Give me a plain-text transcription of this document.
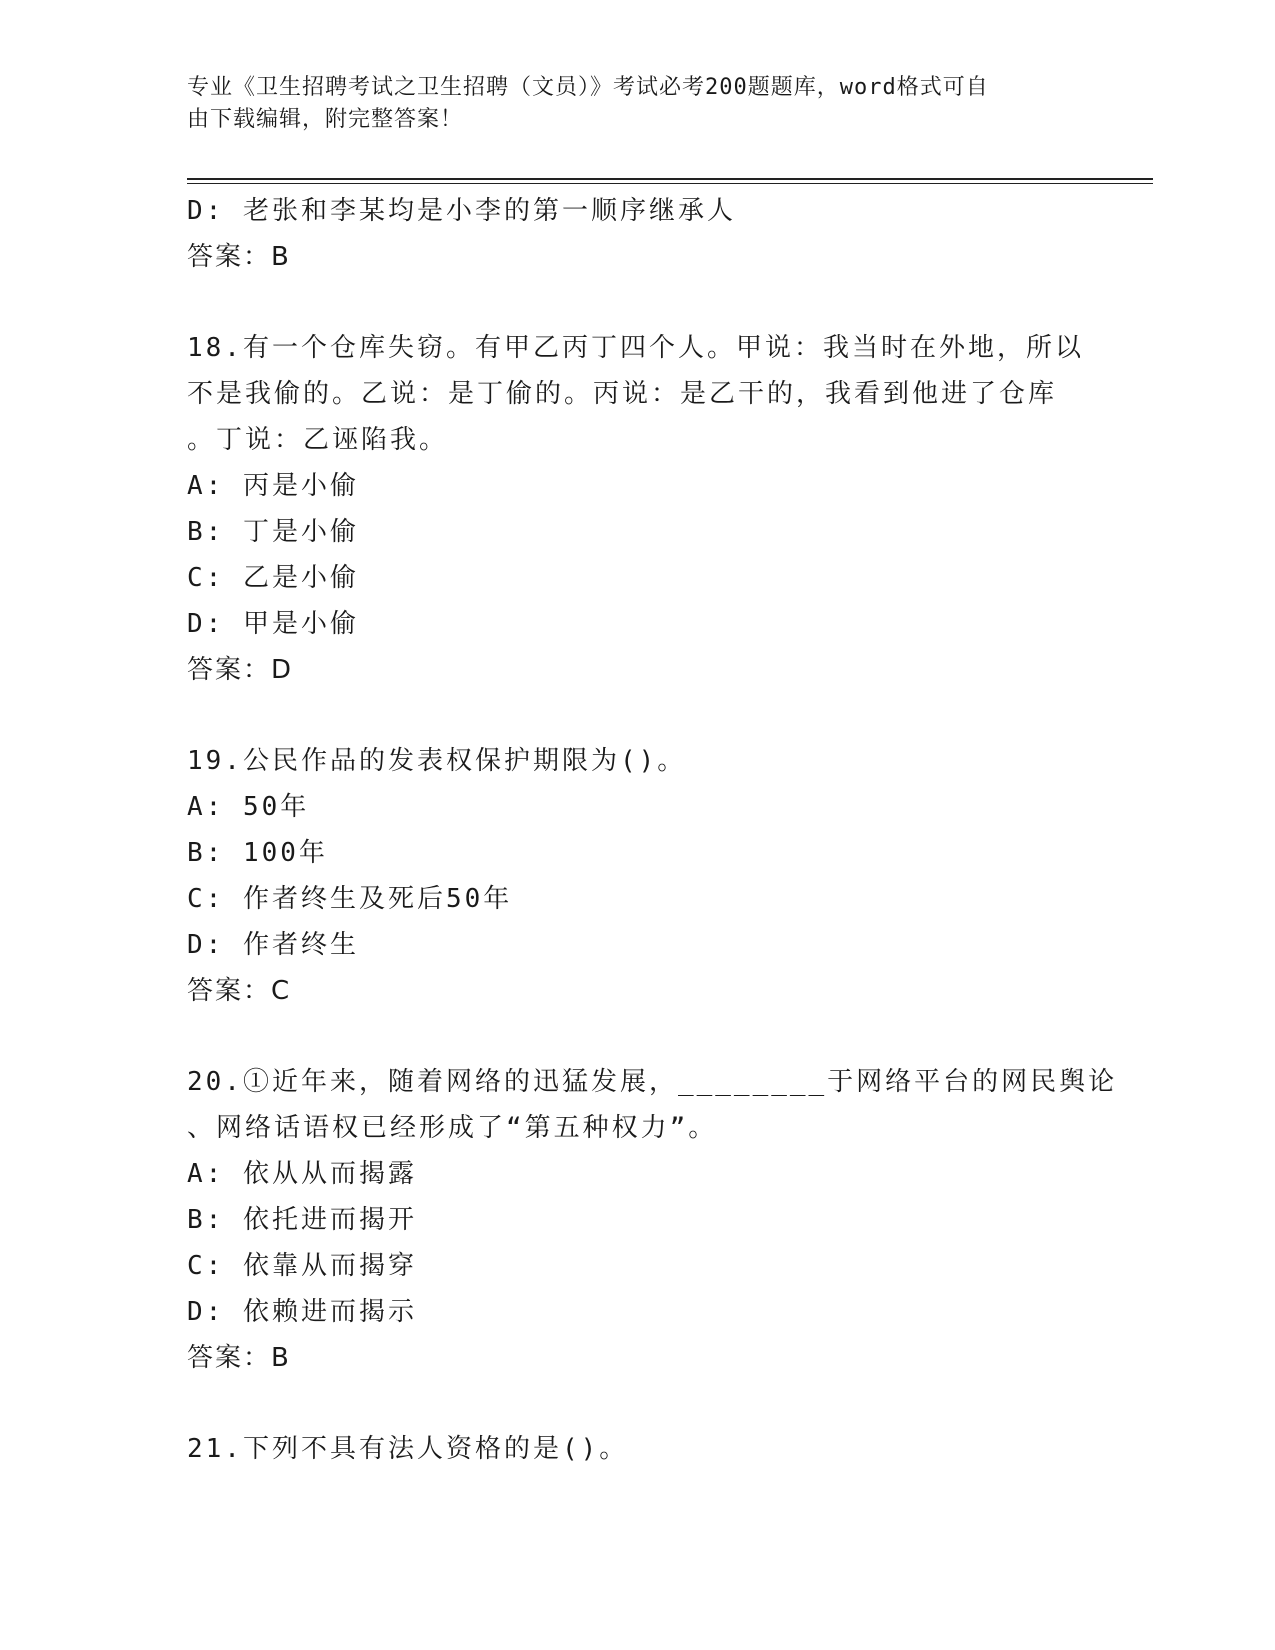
专业《卫生招聘考试之卫生招聘（文员）》考试必考200题题库，word格式可自
由下载编辑，附完整答案！
D: 老张和李某均是小李的第一顺序继承人
答案：B
18.有一个仓库失窃。有甲乙丙丁四个人。甲说：我当时在外地，所以
不是我偷的。乙说：是丁偷的。丙说：是乙干的，我看到他进了仓库
。丁说：乙诬陷我。
A: 丙是小偷
B: 丁是小偷
C: 乙是小偷
D: 甲是小偷
答案：D
19.公民作品的发表权保护期限为()。
A: 50年
B: 100年
C: 作者终生及死后50年
D: 作者终生
答案：C
20.①近年来，随着网络的迅猛发展，________于网络平台的网民舆论
、网络话语权已经形成了“第五种权力”。
A: 依从从而揭露
B: 依托进而揭开
C: 依靠从而揭穿
D: 依赖进而揭示
答案：B
21.下列不具有法人资格的是()。
